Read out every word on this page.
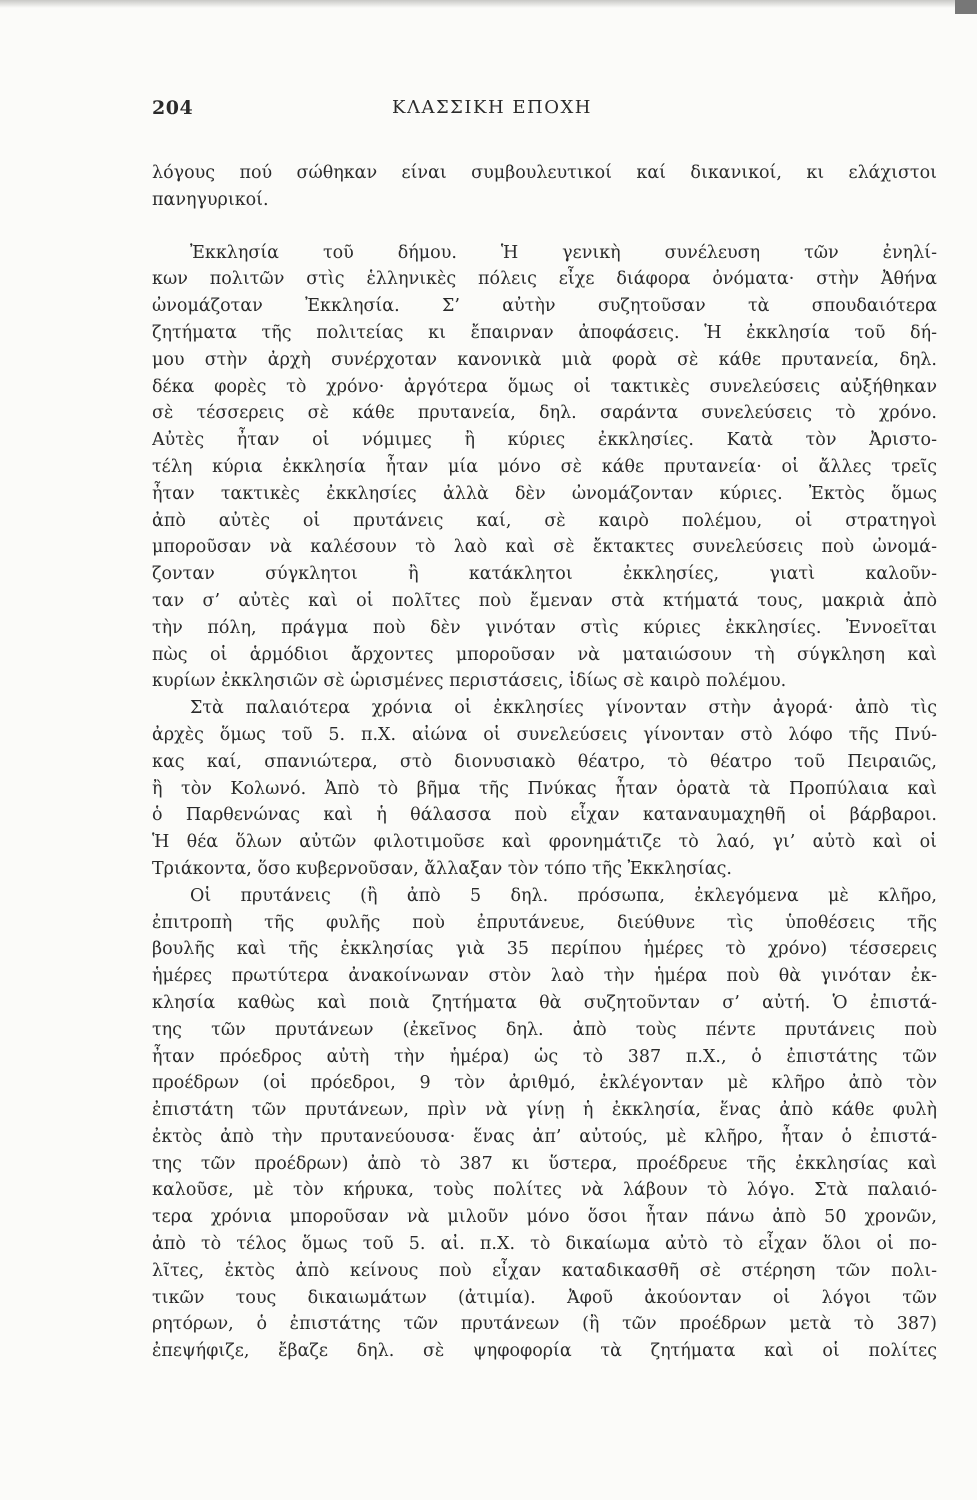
204	ΚΛΑΣΣΙΚΗ ΕΠΟΧΗ
λόγους πού σώθηκαν είναι συμβουλευτικοί καί δικανικοί, κι ελάχιστοι
πανηγυρικοί.
Ἐκκλησία τοῦ δήμου. Ἡ γενικὴ συνέλευση τῶν ἐνηλί-
κων πολιτῶν στὶς ἑλληνικὲς πόλεις εἶχε διάφορα ὀνόματα· στὴν Ἀθήνα
ὠνομάζοταν Ἐκκλησία. Σ’ αὐτὴν συζητοῦσαν τὰ σπουδαιότερα
ζητήματα τῆς πολιτείας κι ἔπαιρναν ἀποφάσεις. Ἡ ἐκκλησία τοῦ δή-
μου στὴν ἀρχὴ συνέρχοταν κανονικὰ μιὰ φορὰ σὲ κάθε πρυτανεία, δηλ.
δέκα φορὲς τὸ χρόνο· ἀργότερα ὅμως οἱ τακτικὲς συνελεύσεις αὐξήθηκαν
σὲ τέσσερεις σὲ κάθε πρυτανεία, δηλ. σαράντα συνελεύσεις τὸ χρόνο.
Αὐτὲς ἦταν οἱ νόμιμες ἢ κύριες ἐκκλησίες. Κατὰ τὸν Ἀριστο-
τέλη κύρια ἐκκλησία ἦταν μία μόνο σὲ κάθε πρυτανεία· οἱ ἄλλες τρεῖς
ἦταν τακτικὲς ἐκκλησίες ἀλλὰ δὲν ὠνομάζονταν κύριες. Ἐκτὸς ὅμως
ἀπὸ αὐτὲς οἱ πρυτάνεις καί, σὲ καιρὸ πολέμου, οἱ στρατηγοὶ
μποροῦσαν νὰ καλέσουν τὸ λαὸ καὶ σὲ ἔκτακτες συνελεύσεις ποὺ ὠνομά-
ζονταν σύγκλητοι ἢ κατάκλητοι ἐκκλησίες, γιατὶ καλοῦν-
ταν σ’ αὐτὲς καὶ οἱ πολῖτες ποὺ ἔμεναν στὰ κτήματά τους, μακριὰ ἀπὸ
τὴν πόλη, πράγμα ποὺ δὲν γινόταν στὶς κύριες ἐκκλησίες. Ἐννοεῖται
πὼς οἱ ἁρμόδιοι ἄρχοντες μποροῦσαν νὰ ματαιώσουν τὴ σύγκληση καὶ
κυρίων ἐκκλησιῶν σὲ ὡρισμένες περιστάσεις, ἰδίως σὲ καιρὸ πολέμου.
Στὰ παλαιότερα χρόνια οἱ ἐκκλησίες γίνονταν στὴν ἀγορά· ἀπὸ τὶς
ἀρχὲς ὅμως τοῦ 5. π.Χ. αἰώνα οἱ συνελεύσεις γίνονταν στὸ λόφο τῆς Πνύ-
κας καί, σπανιώτερα, στὸ διονυσιακὸ θέατρο, τὸ θέατρο τοῦ Πειραιῶς,
ἢ τὸν Κολωνό. Ἀπὸ τὸ βῆμα τῆς Πνύκας ἦταν ὁρατὰ τὰ Προπύλαια καὶ
ὁ Παρθενώνας καὶ ἡ θάλασσα ποὺ εἶχαν καταναυμαχηθῆ οἱ βάρβαροι.
Ἡ θέα ὅλων αὐτῶν φιλοτιμοῦσε καὶ φρονημάτιζε τὸ λαό, γι’ αὐτὸ καὶ οἱ
Τριάκοντα, ὅσο κυβερνοῦσαν, ἄλλαξαν τὸν τόπο τῆς Ἐκκλησίας.
Οἱ πρυτάνεις (ἢ ἀπὸ 5 δηλ. πρόσωπα, ἐκλεγόμενα μὲ κλῆρο,
ἐπιτροπὴ τῆς φυλῆς ποὺ ἐπρυτάνευε, διεύθυνε τὶς ὑποθέσεις τῆς
βουλῆς καὶ τῆς ἐκκλησίας γιὰ 35 περίπου ἡμέρες τὸ χρόνο) τέσσερεις
ἡμέρες πρωτύτερα ἀνακοίνωναν στὸν λαὸ τὴν ἡμέρα ποὺ θὰ γινόταν ἐκ-
κλησία καθὼς καὶ ποιὰ ζητήματα θὰ συζητοῦνταν σ’ αὐτή. Ὁ ἐπιστά-
της τῶν πρυτάνεων (ἐκεῖνος δηλ. ἀπὸ τοὺς πέντε πρυτάνεις ποὺ
ἦταν πρόεδρος αὐτὴ τὴν ἡμέρα) ὡς τὸ 387 π.Χ., ὁ ἐπιστάτης τῶν
προέδρων (οἱ πρόεδροι, 9 τὸν ἀριθμό, ἐκλέγονταν μὲ κλῆρο ἀπὸ τὸν
ἐπιστάτη τῶν πρυτάνεων, πρὶν νὰ γίνῃ ἡ ἐκκλησία, ἕνας ἀπὸ κάθε φυλὴ
ἐκτὸς ἀπὸ τὴν πρυτανεύουσα· ἕνας ἀπ’ αὐτούς, μὲ κλῆρο, ἦταν ὁ ἐπιστά-
της τῶν προέδρων) ἀπὸ τὸ 387 κι ὕστερα, προέδρευε τῆς ἐκκλησίας καὶ
καλοῦσε, μὲ τὸν κήρυκα, τοὺς πολίτες νὰ λάβουν τὸ λόγο. Στὰ παλαιό-
τερα χρόνια μποροῦσαν νὰ μιλοῦν μόνο ὅσοι ἦταν πάνω ἀπὸ 50 χρονῶν,
ἀπὸ τὸ τέλος ὅμως τοῦ 5. αἰ. π.Χ. τὸ δικαίωμα αὐτὸ τὸ εἶχαν ὅλοι οἱ πο-
λῖτες, ἐκτὸς ἀπὸ κείνους ποὺ εἶχαν καταδικασθῆ σὲ στέρηση τῶν πολι-
τικῶν τους δικαιωμάτων (ἀτιμία). Ἀφοῦ ἀκούονταν οἱ λόγοι τῶν
ρητόρων, ὁ ἐπιστάτης τῶν πρυτάνεων (ἢ τῶν προέδρων μετὰ τὸ 387)
ἐπεψήφιζε, ἔβαζε δηλ. σὲ ψηφοφορία τὰ ζητήματα καὶ οἱ πολίτες
